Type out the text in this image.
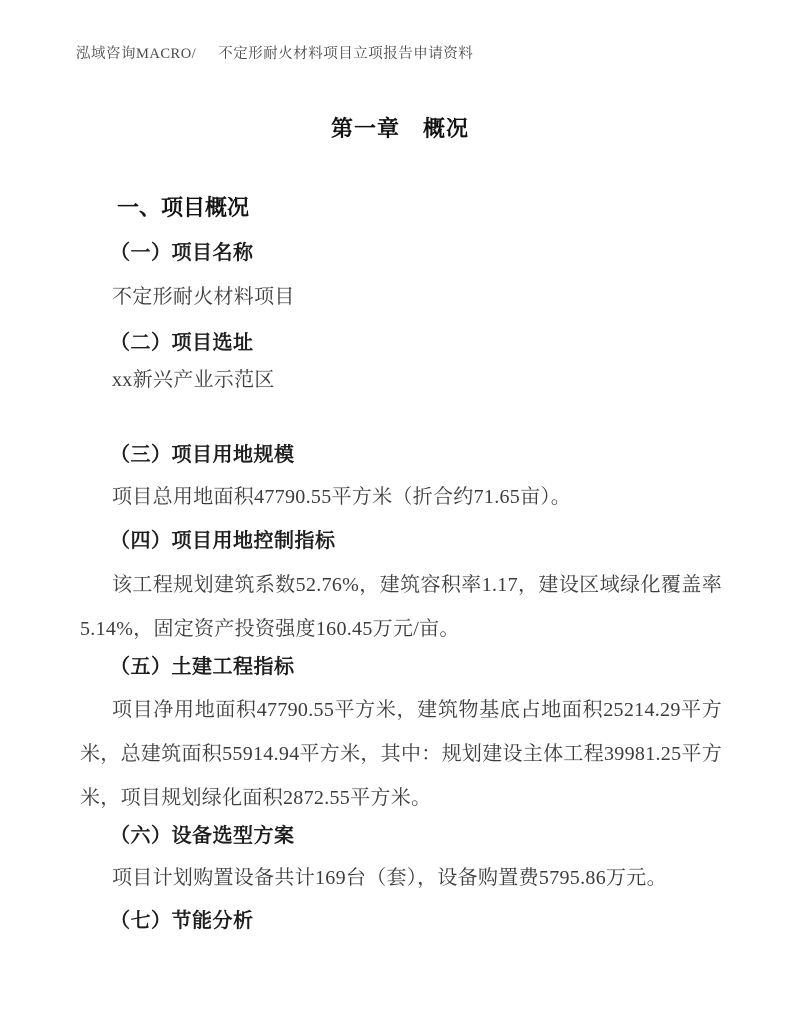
泓域咨询MACRO/ 不定形耐火材料项目立项报告申请资料
第一章　概况
一、项目概况
（一）项目名称
不定形耐火材料项目
（二）项目选址
xx新兴产业示范区
（三）项目用地规模
项目总用地面积47790.55平方米（折合约71.65亩）。
（四）项目用地控制指标
该工程规划建筑系数52.76%，建筑容积率1.17，建设区域绿化覆盖率5.14%，固定资产投资强度160.45万元/亩。
（五）土建工程指标
项目净用地面积47790.55平方米，建筑物基底占地面积25214.29平方米，总建筑面积55914.94平方米，其中：规划建设主体工程39981.25平方米，项目规划绿化面积2872.55平方米。
（六）设备选型方案
项目计划购置设备共计169台（套），设备购置费5795.86万元。
（七）节能分析
